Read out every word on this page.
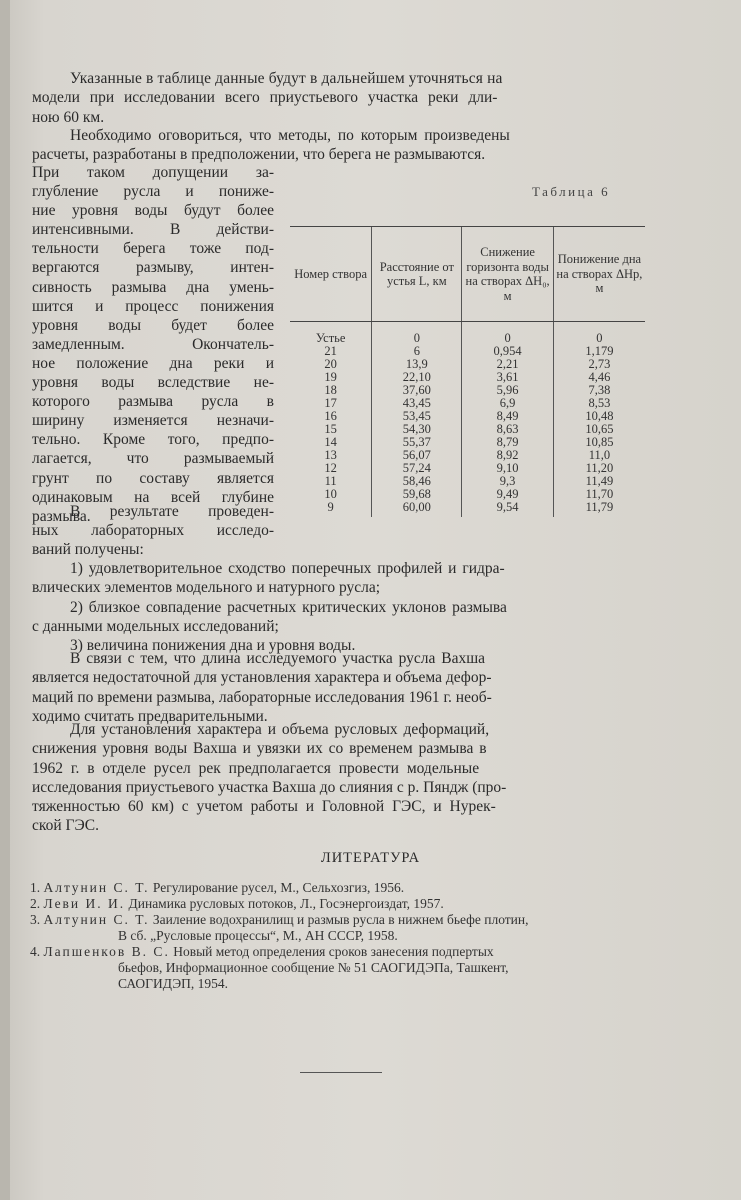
Указанные в таблице данные будут в дальнейшем уточняться на
модели при исследовании всего приустьевого участка реки дли-
ною 60 км.
Необходимо оговориться, что методы, по которым произведены
расчеты, разработаны в предположении, что берега не размываются.
При таком допущении за-
глубление русла и пониже-
ние уровня воды будут более
интенсивными. В действи-
тельности берега тоже под-
вергаются размыву, интен-
сивность размыва дна умень-
шится и процесс понижения
уровня воды будет более
замедленным. Окончатель-
ное положение дна реки и
уровня воды вследствие не-
которого размыва русла в
ширину изменяется незначи-
тельно. Кроме того, предпо-
лагается, что размываемый
грунт по составу является
одинаковым на всей глубине
размыва.
В результате проведен-
ных лабораторных исследо-
ваний получены:
Таблица 6
Номер створа	Расстояние от устья L, км	Снижение горизонта воды на створах ΔH₀, м	Понижение дна на створах ΔHр, м
Устье	0	0	0
21	6	0,954	1,179
20	13,9	2,21	2,73
19	22,10	3,61	4,46
18	37,60	5,96	7,38
17	43,45	6,9	8,53
16	53,45	8,49	10,48
15	54,30	8,63	10,65
14	55,37	8,79	10,85
13	56,07	8,92	11,0
12	57,24	9,10	11,20
11	58,46	9,3	11,49
10	59,68	9,49	11,70
9	60,00	9,54	11,79
1) удовлетворительное сходство поперечных профилей и гидра-
влических элементов модельного и натурного русла;
2) близкое совпадение расчетных критических уклонов размыва
с данными модельных исследований;
3) величина понижения дна и уровня воды.
В связи с тем, что длина исследуемого участка русла Вахша
является недостаточной для установления характера и объема дефор-
маций по времени размыва, лабораторные исследования 1961 г. необ-
ходимо считать предварительными.
Для установления характера и объема русловых деформаций,
снижения уровня воды Вахша и увязки их со временем размыва в
1962 г. в отделе русел рек предполагается провести модельные
исследования приустьевого участка Вахша до слияния с р. Пяндж (про-
тяженностью 60 км) с учетом работы и Головной ГЭС, и Нурек-
ской ГЭС.
ЛИТЕРАТУРА
1. Алтунин С. Т. Регулирование русел, М., Сельхозгиз, 1956.
2. Леви И. И. Динамика русловых потоков, Л., Госэнергоиздат, 1957.
3. Алтунин С. Т. Заиление водохранилищ и размыв русла в нижнем бьефе плотин,
В сб. „Русловые процессы“, М., АН СССР, 1958.
4. Лапшенков В. С. Новый метод определения сроков занесения подпертых
бьефов, Информационное сообщение № 51 САОГИДЭПа, Ташкент,
САОГИДЭП, 1954.
